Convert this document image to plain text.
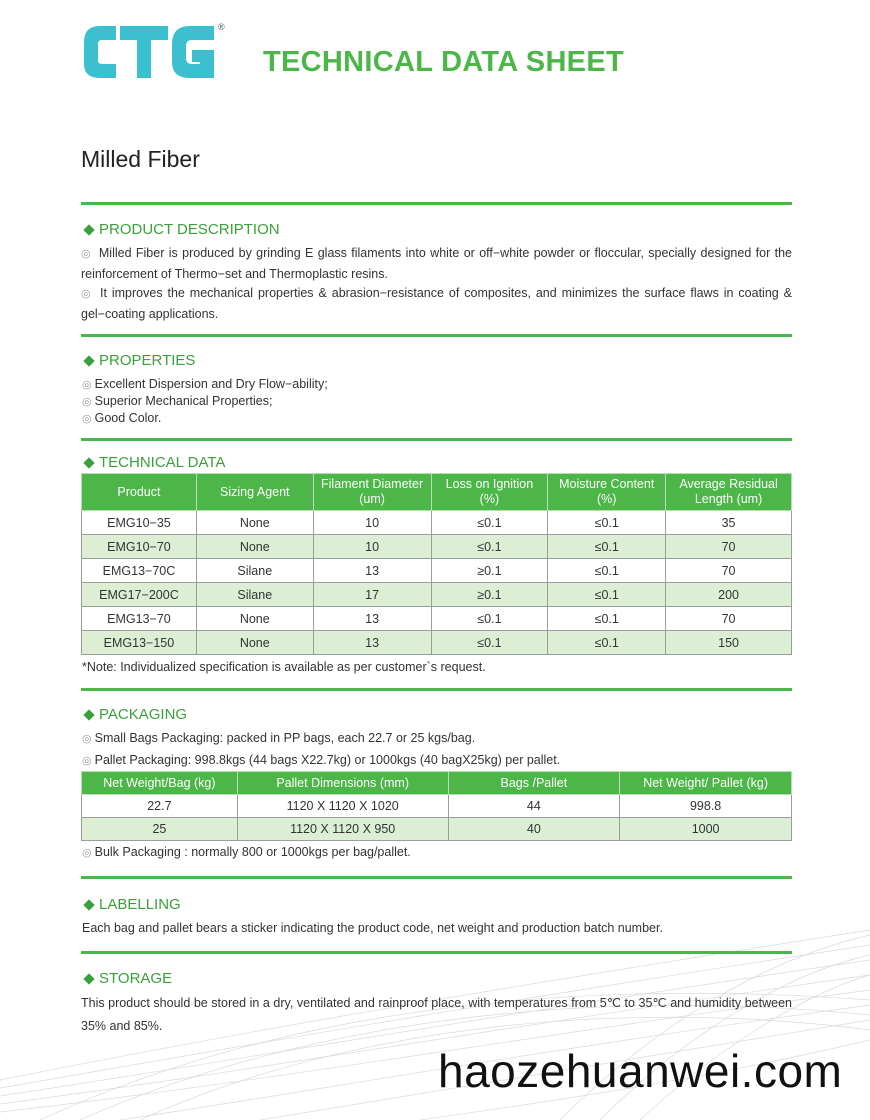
®
TECHNICAL DATA SHEET
Milled Fiber
PRODUCT DESCRIPTION
◎ Milled Fiber is produced by grinding E glass filaments into white or off−white powder or floccular, specially designed for the reinforcement of Thermo−set and Thermoplastic resins.
◎ It improves the mechanical properties & abrasion−resistance of composites, and minimizes the surface flaws in coating & gel−coating applications.
PROPERTIES
◎ Excellent Dispersion and Dry Flow−ability;
◎ Superior Mechanical Properties;
◎ Good Color.
TECHNICAL DATA
Product	Sizing Agent	Filament Diameter (um)	Loss on Ignition (%)	Moisture Content (%)	Average Residual Length (um)
EMG10−35	None	10	≤0.1	≤0.1	35
EMG10−70	None	10	≤0.1	≤0.1	70
EMG13−70C	Silane	13	≥0.1	≤0.1	70
EMG17−200C	Silane	17	≥0.1	≤0.1	200
EMG13−70	None	13	≤0.1	≤0.1	70
EMG13−150	None	13	≤0.1	≤0.1	150
*Note: Individualized specification is available as per customer`s request.
PACKAGING
◎ Small Bags Packaging: packed in PP bags, each 22.7 or 25 kgs/bag.
◎ Pallet Packaging: 998.8kgs (44 bags X22.7kg) or 1000kgs (40 bagX25kg) per pallet.
Net Weight/Bag (kg)	Pallet Dimensions (mm)	Bags /Pallet	Net Weight/ Pallet (kg)
22.7	1120 X 1120 X 1020	44	998.8
25	1120 X 1120 X 950	40	1000
◎ Bulk Packaging : normally 800 or 1000kgs per bag/pallet.
LABELLING
Each bag and pallet bears a sticker indicating the product code, net weight and production batch number.
STORAGE
This product should be stored in a dry, ventilated and rainproof place, with temperatures from 5℃ to 35℃ and humidity between 35% and 85%.
haozehuanwei.com
